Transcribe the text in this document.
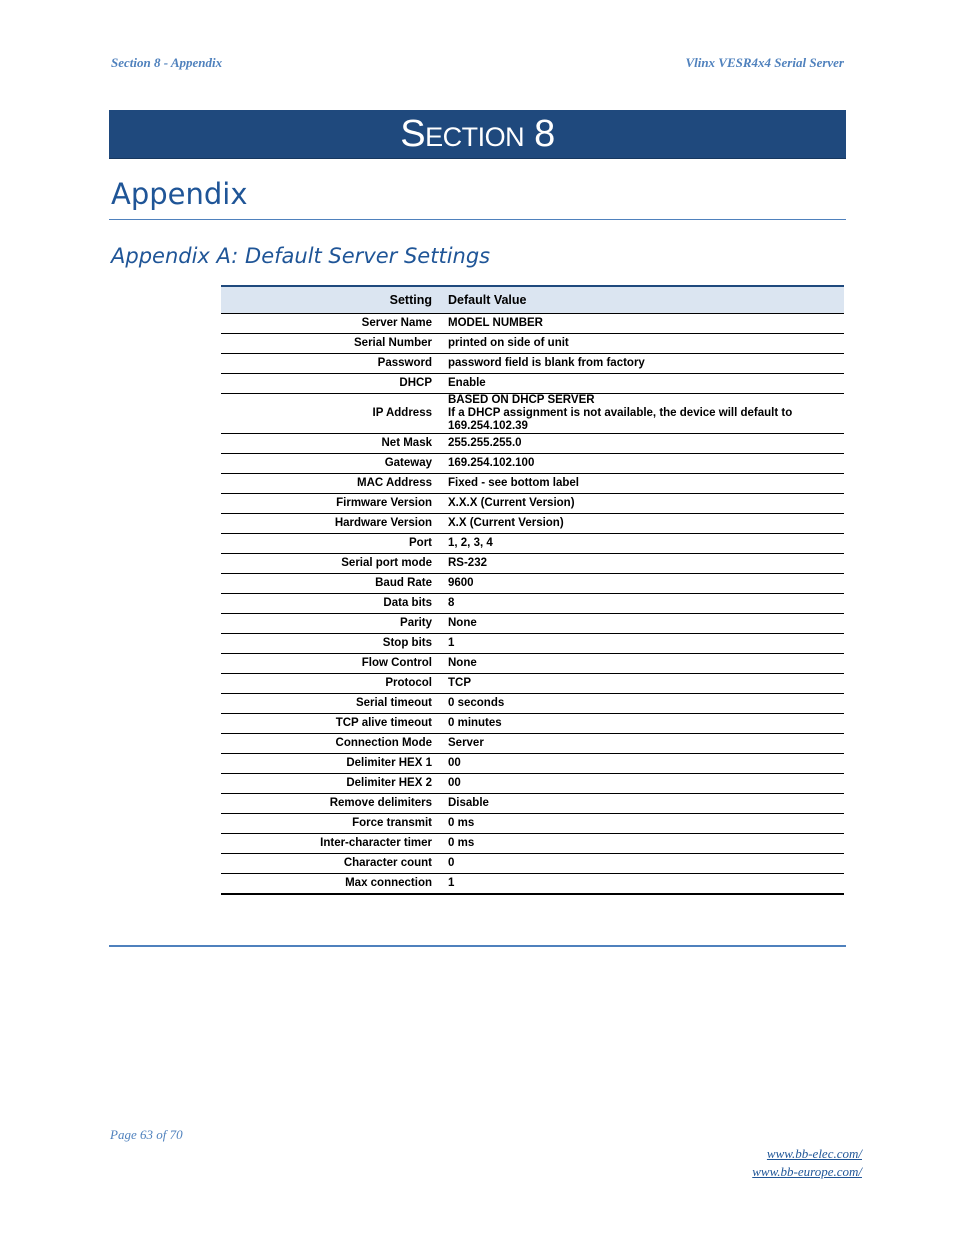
Section 8 - Appendix	Vlinx VESR4x4 Serial Server
Section 8
Appendix
Appendix A: Default Server Settings
Setting	Default Value
Server Name	MODEL NUMBER

Serial Number	printed on side of unit

Password	password field is blank from factory

DHCP	Enable

IP Address	BASED ON DHCP SERVER
If a DHCP assignment is not available, the device will default to 169.254.102.39

Net Mask	255.255.255.0

Gateway	169.254.102.100

MAC Address	Fixed - see bottom label

Firmware Version	X.X.X (Current Version)

Hardware Version	X.X (Current Version)

Port	1, 2, 3, 4

Serial port mode	RS-232

Baud Rate	9600

Data bits	8

Parity	None

Stop bits	1

Flow Control	None

Protocol	TCP

Serial timeout	0 seconds

TCP alive timeout	0 minutes

Connection Mode	Server

Delimiter HEX 1	00

Delimiter HEX 2	00

Remove delimiters	Disable

Force transmit	0 ms

Inter-character timer	0 ms

Character count	0

Max connection	1
Page 63 of 70
www.bb-elec.com/
www.bb-europe.com/
